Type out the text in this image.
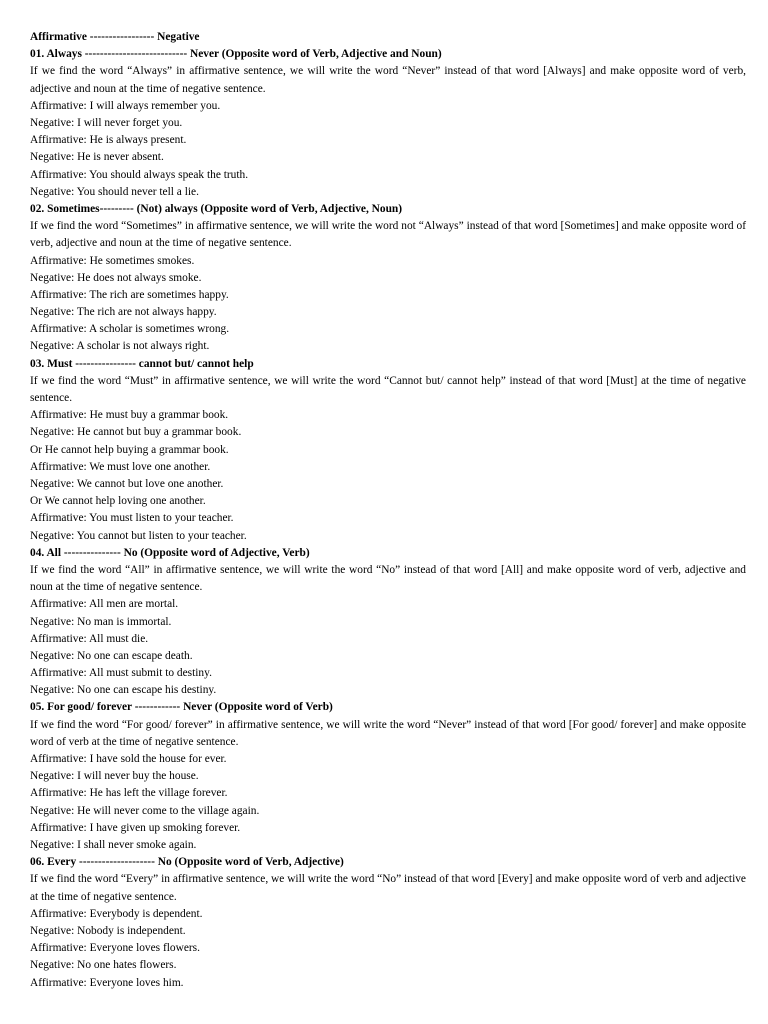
Affirmative ----------------- Negative
01. Always --------------------------- Never (Opposite word of Verb, Adjective and Noun)
If we find the word “Always” in affirmative sentence, we will write the word “Never” instead of that word [Always] and make opposite word of verb, adjective and noun at the time of negative sentence.
Affirmative: I will always remember you.
Negative: I will never forget you.
Affirmative: He is always present.
Negative: He is never absent.
Affirmative: You should always speak the truth.
Negative: You should never tell a lie.
02. Sometimes--------- (Not) always (Opposite word of Verb, Adjective, Noun)
If we find the word “Sometimes” in affirmative sentence, we will write the word not “Always” instead of that word [Sometimes] and make opposite word of verb, adjective and noun at the time of negative sentence.
Affirmative: He sometimes smokes.
Negative: He does not always smoke.
Affirmative: The rich are sometimes happy.
Negative: The rich are not always happy.
Affirmative: A scholar is sometimes wrong.
Negative: A scholar is not always right.
03. Must ---------------- cannot but/ cannot help
If we find the word “Must” in affirmative sentence, we will write the word “Cannot but/ cannot help” instead of that word [Must] at the time of negative sentence.
Affirmative: He must buy a grammar book.
Negative: He cannot but buy a grammar book.
Or He cannot help buying a grammar book.
Affirmative: We must love one another.
Negative: We cannot but love one another.
Or We cannot help loving one another.
Affirmative: You must listen to your teacher.
Negative: You cannot but listen to your teacher.
04. All --------------- No (Opposite word of Adjective, Verb)
If we find the word “All” in affirmative sentence, we will write the word “No” instead of that word [All] and make opposite word of verb, adjective and noun at the time of negative sentence.
Affirmative: All men are mortal.
Negative: No man is immortal.
Affirmative: All must die.
Negative: No one can escape death.
Affirmative: All must submit to destiny.
Negative: No one can escape his destiny.
05. For good/ forever ------------ Never (Opposite word of Verb)
If we find the word “For good/ forever” in affirmative sentence, we will write the word “Never” instead of that word [For good/ forever] and make opposite word of verb at the time of negative sentence.
Affirmative: I have sold the house for ever.
Negative: I will never buy the house.
Affirmative: He has left the village forever.
Negative: He will never come to the village again.
Affirmative: I have given up smoking forever.
Negative: I shall never smoke again.
06. Every -------------------- No (Opposite word of Verb, Adjective)
If we find the word “Every” in affirmative sentence, we will write the word “No” instead of that word [Every] and make opposite word of verb and adjective at the time of negative sentence.
Affirmative: Everybody is dependent.
Negative: Nobody is independent.
Affirmative: Everyone loves flowers.
Negative: No one hates flowers.
Affirmative: Everyone loves him.
